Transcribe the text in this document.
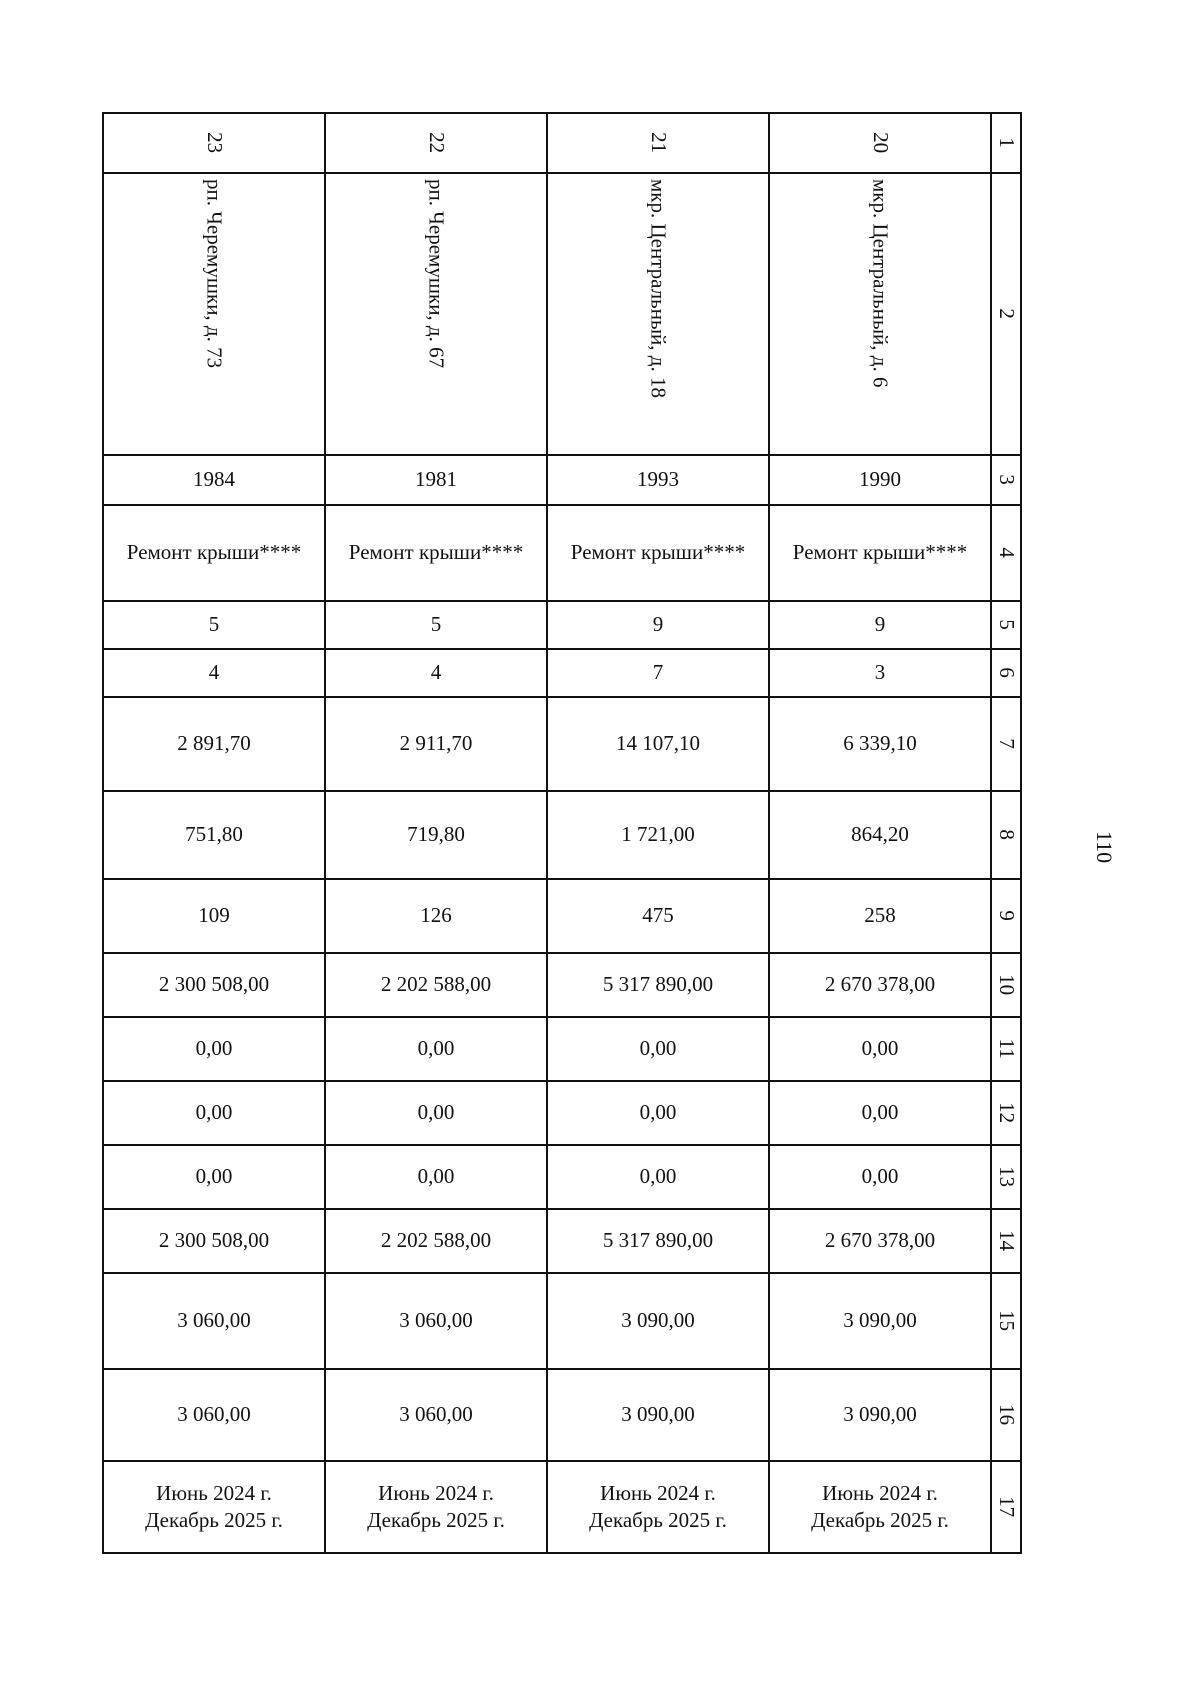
110
23	22	21	20	1

рп. Черемушки, д. 73	рп. Черемушки, д. 67	мкр. Центральный, д. 18	мкр. Центральный, д. 6	2
1984	1981	1993	1990	3
Ремонт крыши****	Ремонт крыши****	Ремонт крыши****	Ремонт крыши****	4
5	5	9	9	5
4	4	7	3	6
2 891,70	2 911,70	14 107,10	6 339,10	7
751,80	719,80	1 721,00	864,20	8
109	126	475	258	9
2 300 508,00	2 202 588,00	5 317 890,00	2 670 378,00	10
0,00	0,00	0,00	0,00	11
0,00	0,00	0,00	0,00	12
0,00	0,00	0,00	0,00	13
2 300 508,00	2 202 588,00	5 317 890,00	2 670 378,00	14
3 060,00	3 060,00	3 090,00	3 090,00	15
3 060,00	3 060,00	3 090,00	3 090,00	16

Июнь 2024 г.
Декабрь 2025 г.	Июнь 2024 г.
Декабрь 2025 г.	Июнь 2024 г.
Декабрь 2025 г.	Июнь 2024 г.
Декабрь 2025 г.	17
